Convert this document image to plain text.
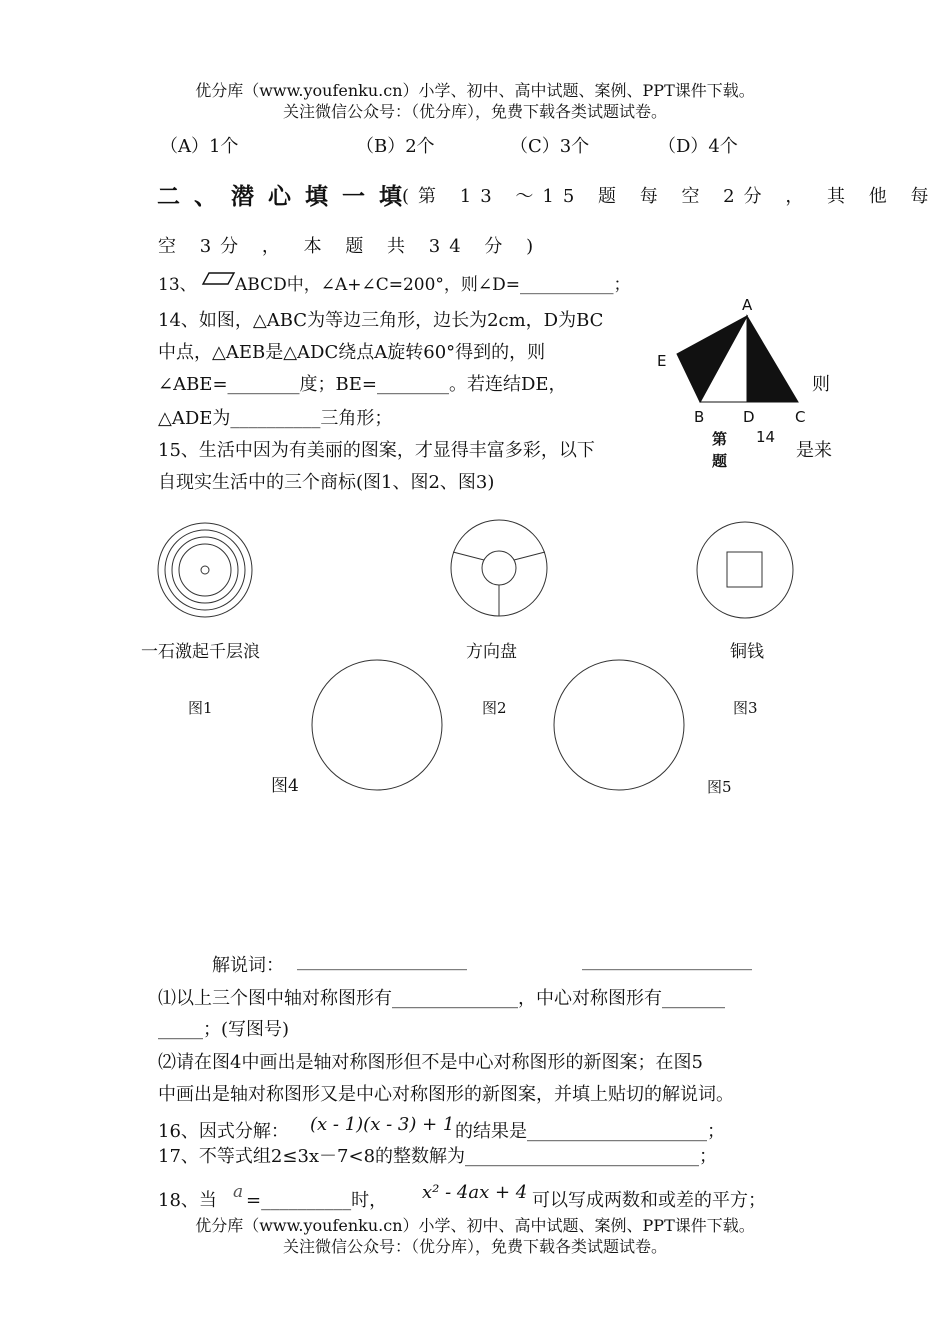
优分库（www.youfenku.cn）小学、初中、高中试题、案例、PPT课件下载。
关注微信公众号：（优分库），免费下载各类试题试卷。
（A）1个	（B）2个	（C）3个	（D）4个
二、潜心填一填
(第 13 ～15 题 每 空 2分 ， 其 他 每
空 3分 ， 本 题 共 34 分 )
13、 ABCD中，∠A+∠C=200°，则∠D=___________；
14、如图，△ABC为等边三角形，边长为2cm，D为BC
中点，△AEB是△ADC绕点A旋转60°得到的，则
∠ABE=________度；BE=________。若连结DE，	则
△ADE为__________三角形；
A
E
B	D	C
第 14
题
15、生活中因为有美丽的图案，才显得丰富多彩，以下	是来
自现实生活中的三个商标(图1、图2、图3)
一石激起千层浪	方向盘	铜钱
图1	图2	图3
图4	图5
解说词： ____________________	____________________
⑴以上三个图中轴对称图形有______________，中心对称图形有_______
_____；(写图号)
⑵请在图4中画出是轴对称图形但不是中心对称图形的新图案；在图5
中画出是轴对称图形又是中心对称图形的新图案，并填上贴切的解说词。
16、因式分解： (x - 1)(x - 3) + 1 的结果是____________________；
17、不等式组2≤3x－7<8的整数解为__________________________；
18、当 a =__________时， x² - 4ax + 4 可以写成两数和或差的平方；
优分库（www.youfenku.cn）小学、初中、高中试题、案例、PPT课件下载。
关注微信公众号：（优分库），免费下载各类试题试卷。
